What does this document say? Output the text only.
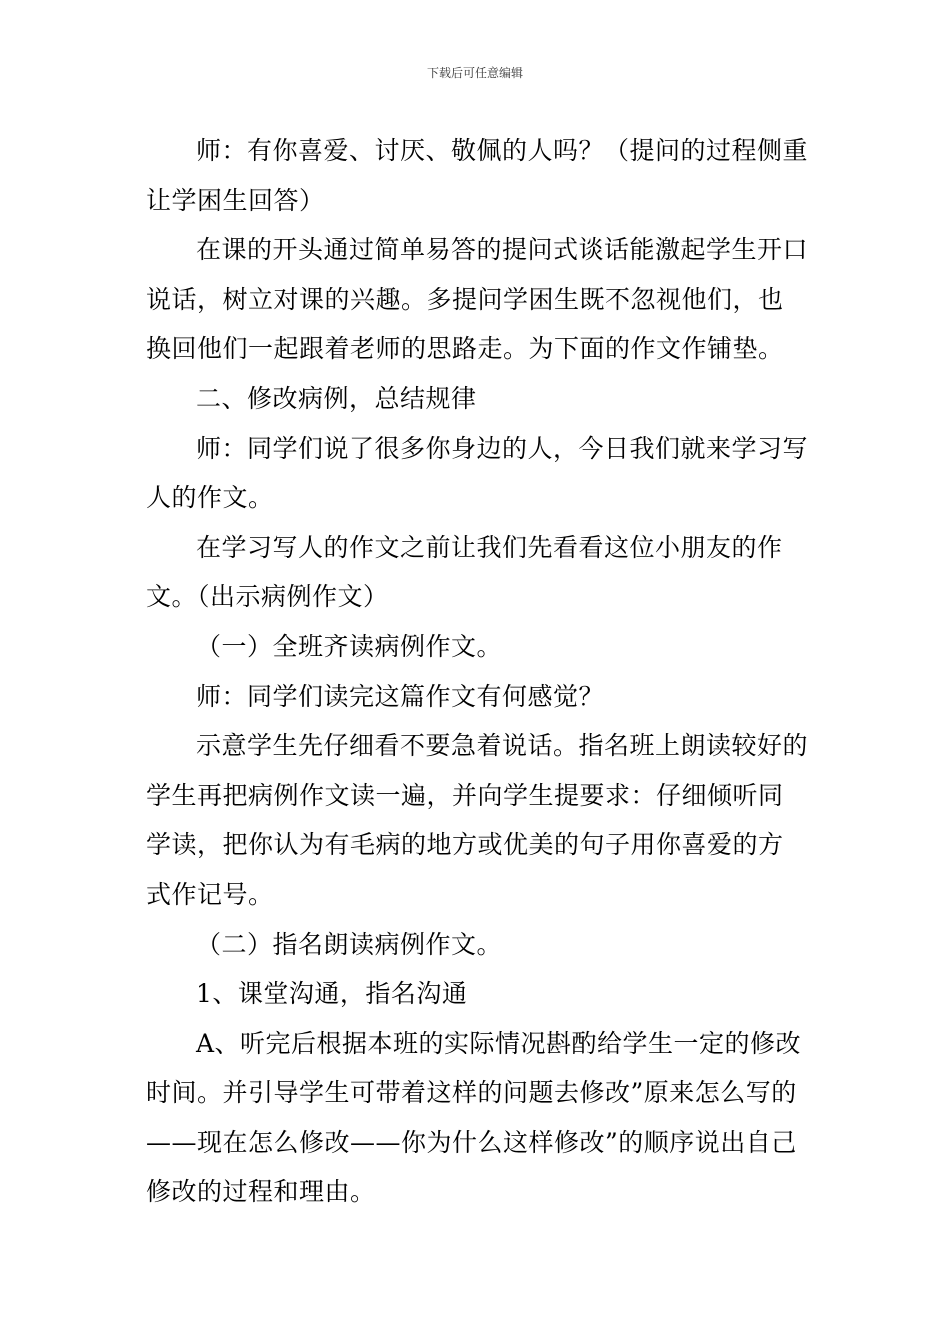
下载后可任意编辑

师：有你喜爱、讨厌、敬佩的人吗？（提问的过程侧重让学困生回答）

在课的开头通过简单易答的提问式谈话能激起学生开口说话，树立对课的兴趣。多提问学困生既不忽视他们，也换回他们一起跟着老师的思路走。为下面的作文作铺垫。

二、修改病例，总结规律

师：同学们说了很多你身边的人，今日我们就来学习写人的作文。

在学习写人的作文之前让我们先看看这位小朋友的作文。（出示病例作文）

（一）全班齐读病例作文。

师：同学们读完这篇作文有何感觉？

示意学生先仔细看不要急着说话。指名班上朗读较好的学生再把病例作文读一遍，并向学生提要求：仔细倾听同学读，把你认为有毛病的地方或优美的句子用你喜爱的方式作记号。

（二）指名朗读病例作文。

1、课堂沟通，指名沟通

A、听完后根据本班的实际情况斟酌给学生一定的修改时间。并引导学生可带着这样的问题去修改”原来怎么写的——现在怎么修改——你为什么这样修改”的顺序说出自己修改的过程和理由。
